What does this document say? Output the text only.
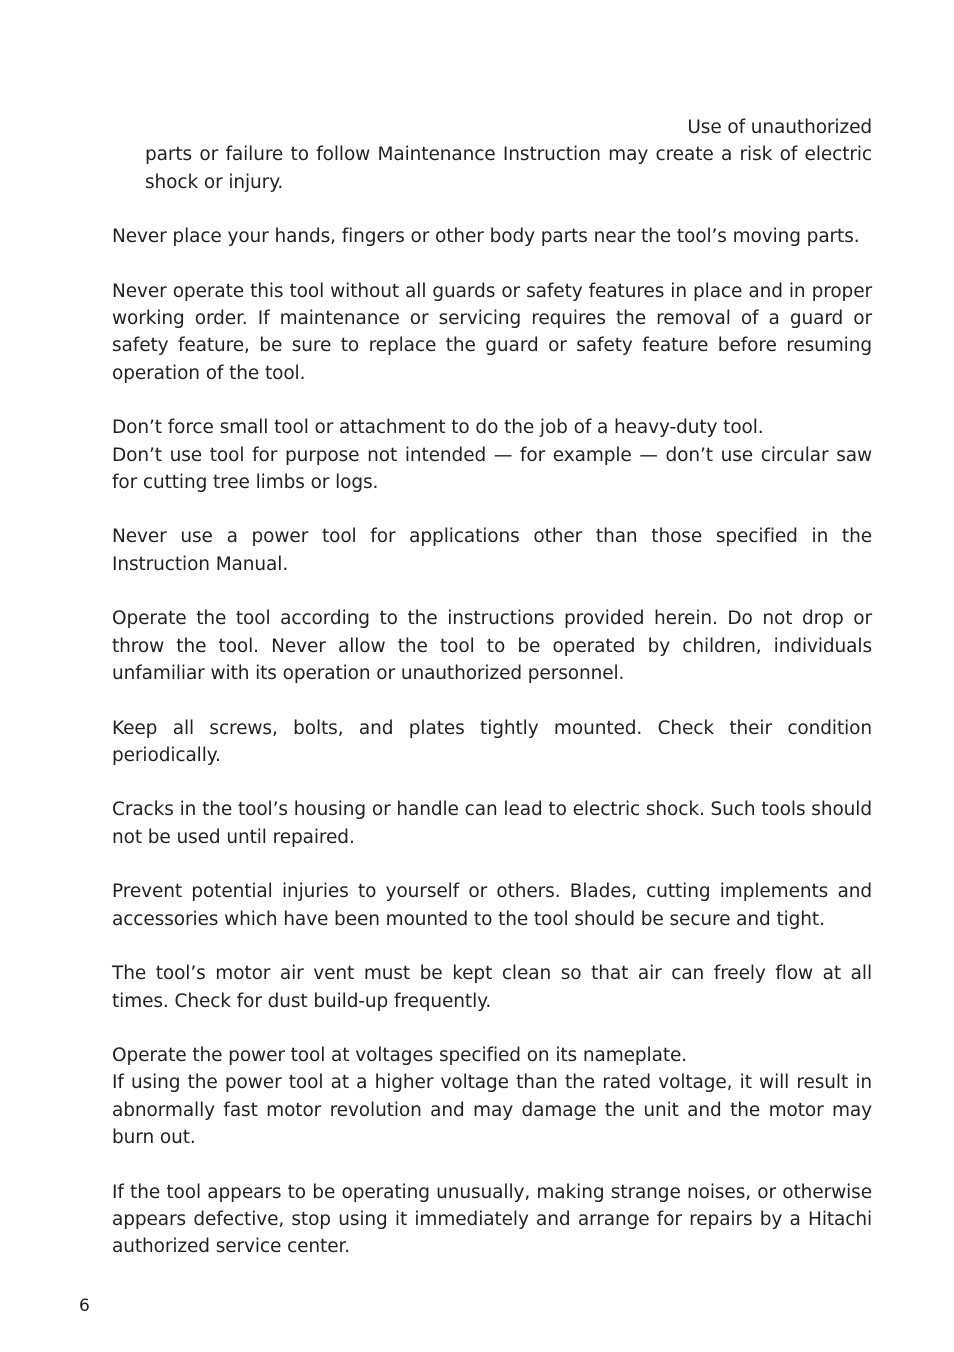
Use of unauthorized
parts or failure to follow Maintenance Instruction may create a risk of electric shock or injury.

Never place your hands, fingers or other body parts near the tool’s moving parts.

Never operate this tool without all guards or safety features in place and in proper working order. If maintenance or servicing requires the removal of a guard or safety feature, be sure to replace the guard or safety feature before resuming operation of the tool.

Don’t force small tool or attachment to do the job of a heavy-duty tool.
Don’t use tool for purpose not intended — for example — don’t use circular saw for cutting tree limbs or logs.

Never use a power tool for applications other than those specified in the Instruction Manual.

Operate the tool according to the instructions provided herein. Do not drop or throw the tool. Never allow the tool to be operated by children, individuals unfamiliar with its operation or unauthorized personnel.

Keep all screws, bolts, and plates tightly mounted. Check their condition periodically.

Cracks in the tool’s housing or handle can lead to electric shock. Such tools should not be used until repaired.

Prevent potential injuries to yourself or others. Blades, cutting implements and accessories which have been mounted to the tool should be secure and tight.

The tool’s motor air vent must be kept clean so that air can freely flow at all times. Check for dust build-up frequently.

Operate the power tool at voltages specified on its nameplate.
If using the power tool at a higher voltage than the rated voltage, it will result in abnormally fast motor revolution and may damage the unit and the motor may burn out.

If the tool appears to be operating unusually, making strange noises, or otherwise appears defective, stop using it immediately and arrange for repairs by a Hitachi authorized service center.

6
